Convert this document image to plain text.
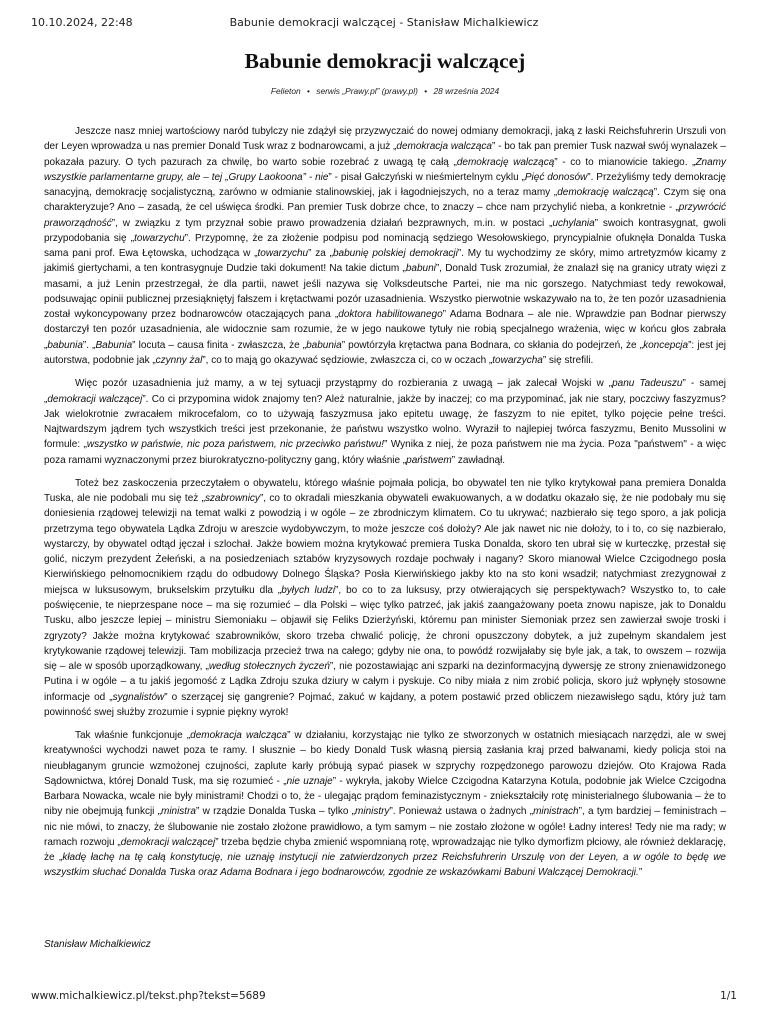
10.10.2024, 22:48	Babunie demokracji walczącej - Stanisław Michalkiewicz
Babunie demokracji walczącej
Felieton • serwis „Prawy.pl” (prawy.pl) • 28 września 2024

Jeszcze nasz mniej wartościowy naród tubylczy nie zdążył się przyzwyczaić do nowej odmiany demokracji, jaką z łaski Reichsfuhrerin Urszuli von der Leyen wprowadza u nas premier Donald Tusk wraz z bodnarowcami, a już „demokracja walcząca” - bo tak pan premier Tusk nazwał swój wynalazek – pokazała pazury. O tych pazurach za chwilę, bo warto sobie rozebrać z uwagą tę całą „demokrację walczącą” - co to mianowicie takiego. „Znamy wszystkie parlamentarne grupy, ale – tej „Grupy Laokoona” - nie” - pisał Gałczyński w nieśmiertelnym cyklu „Pięć donosów”. Przeżyliśmy tedy demokrację sanacyjną, demokrację socjalistyczną, zarówno w odmianie stalinowskiej, jak i łagodniejszych, no a teraz mamy „demokrację walczącą”. Czym się ona charakteryzuje? Ano – zasadą, że cel uświęca środki. Pan premier Tusk dobrze chce, to znaczy – chce nam przychylić nieba, a konkretnie - „przywrócić praworządność”, w związku z tym przyznał sobie prawo prowadzenia działań bezprawnych, m.in. w postaci „uchylania” swoich kontrasygnat, gwoli przypodobania się „towarzychu”. Przypomnę, że za złożenie podpisu pod nominacją sędziego Wesołowskiego, pryncypialnie ofuknęła Donalda Tuska sama pani prof. Ewa Łętowska, uchodząca w „towarzychu” za „babunię polskiej demokracji”. My tu wychodzimy ze skóry, mimo artretyzmów kicamy z jakimiś giertychami, a ten kontrasygnuje Dudzie taki dokument! Na takie dictum „babuni”, Donald Tusk zrozumiał, że znalazł się na granicy utraty więzi z masami, a już Lenin przestrzegał, że dla partii, nawet jeśli nazywa się Volksdeutsche Partei, nie ma nic gorszego. Natychmiast tedy rewokował, podsuwając opinii publicznej przesiąkniętyj fałszem i krętactwami pozór uzasadnienia. Wszystko pierwotnie wskazywało na to, że ten pozór uzasadnienia został wykoncypowany przez bodnarowców otaczających pana „doktora habilitowanego” Adama Bodnara – ale nie. Wprawdzie pan Bodnar pierwszy dostarczył ten pozór uzasadnienia, ale widocznie sam rozumie, że w jego naukowe tytuły nie robią specjalnego wrażenia, więc w końcu głos zabrała „babunia”. „Babunia” locuta – causa finita - zwłaszcza, że „babunia” powtórzyła krętactwa pana Bodnara, co skłania do podejrzeń, że „koncepcja”: jest jej autorstwa, podobnie jak „czynny żal”, co to mają go okazywać sędziowie, zwłaszcza ci, co w oczach „towarzycha” się strefili.

Więc pozór uzasadnienia już mamy, a w tej sytuacji przystąpmy do rozbierania z uwagą – jak zalecał Wojski w „panu Tadeuszu” - samej „demokracji walczącej”. Co ci przypomina widok znajomy ten? Ależ naturalnie, jakże by inaczej; co ma przypominać, jak nie stary, poczciwy faszyzmus? Jak wielokrotnie zwracałem mikrocefalom, co to używają faszyzmusa jako epitetu uwagę, że faszyzm to nie epitet, tylko pojęcie pełne treści. Najtwardszym jądrem tych wszystkich treści jest przekonanie, że państwu wszystko wolno. Wyraził to najlepiej twórca faszyzmu, Benito Mussolini w formule: „wszystko w państwie, nic poza państwem, nic przeciwko państwu!” Wynika z niej, że poza państwem nie ma życia. Poza "państwem" - a więc poza ramami wyznaczonymi przez biurokratyczno-polityczny gang, który właśnie „państwem” zawładnął.

Toteż bez zaskoczenia przeczytałem o obywatelu, którego właśnie pojmała policja, bo obywatel ten nie tylko krytykował pana premiera Donalda Tuska, ale nie podobali mu się też „szabrownicy”, co to okradali mieszkania obywateli ewakuowanych, a w dodatku okazało się, że nie podobały mu się doniesienia rządowej telewizji na temat walki z powodzią i w ogóle – ze zbrodniczym klimatem. Co tu ukrywać; nazbierało się tego sporo, a jak policja przetrzyma tego obywatela Lądka Zdroju w areszcie wydobywczym, to może jeszcze coś dołoży? Ale jak nawet nic nie dołoży, to i to, co się nazbierało, wystarczy, by obywatel odtąd jęczał i szlochał. Jakże bowiem można krytykować premiera Tuska Donalda, skoro ten ubrał się w kurteczkę, przestał się golić, niczym prezydent Żełeński, a na posiedzeniach sztabów kryzysowych rozdaje pochwały i nagany? Skoro mianował Wielce Czcigodnego posła Kierwińskiego pełnomocnikiem rządu do odbudowy Dolnego Śląska? Posła Kierwińskiego jakby kto na sto koni wsadził; natychmiast zrezygnował z miejsca w luksusowym, brukselskim przytułku dla „byłych ludzi”, bo co to za luksusy, przy otwierających się perspektywach? Wszystko to, to całe poświęcenie, te nieprzespane noce – ma się rozumieć – dla Polski – więc tylko patrzeć, jak jakiś zaangażowany poeta znowu napisze, jak to Donaldu Tusku, albo jeszcze lepiej – ministru Siemoniaku – objawił się Feliks Dzierżyński, któremu pan minister Siemoniak przez sen zawierzał swoje troski i zgryzoty? Jakże można krytykować szabrowników, skoro trzeba chwalić policję, że chroni opuszczony dobytek, a już zupełnym skandalem jest krytykowanie rządowej telewizji. Tam mobilizacja przecież trwa na całego; gdyby nie ona, to powódź rozwijałaby się byle jak, a tak, to owszem – rozwija się – ale w sposób uporządkowany, „według stołecznych życzeń”, nie pozostawiając ani szparki na dezinformacyjną dywersję ze strony znienawidzonego Putina i w ogóle – a tu jakiś jegomość z Lądka Zdroju szuka dziury w całym i pyskuje. Co niby miała z nim zrobić policja, skoro już wpłynęły stosowne informacje od „sygnalistów” o szerzącej się gangrenie? Pojmać, zakuć w kajdany, a potem postawić przed obliczem niezawisłego sądu, który już tam powinność swej służby zrozumie i sypnie piękny wyrok!

Tak właśnie funkcjonuje „demokracja walcząca” w działaniu, korzystając nie tylko ze stworzonych w ostatnich miesiącach narzędzi, ale w swej kreatywności wychodzi nawet poza te ramy. I słusznie – bo kiedy Donald Tusk własną piersią zasłania kraj przed bałwanami, kiedy policja stoi na nieubłaganym gruncie wzmożonej czujności, zaplute karły próbują sypać piasek w szprychy rozpędzonego parowozu dziejów. Oto Krajowa Rada Sądownictwa, której Donald Tusk, ma się rozumieć - „nie uznaje” - wykryła, jakoby Wielce Czcigodna Katarzyna Kotula, podobnie jak Wielce Czcigodna Barbara Nowacka, wcale nie były ministrami! Chodzi o to, że - ulegając prądom feminazistycznym - zniekształciły rotę ministerialnego ślubowania – że to niby nie obejmują funkcji „ministra” w rządzie Donalda Tuska – tylko „ministry”. Ponieważ ustawa o żadnych „ministrach”, a tym bardziej – feministrach – nic nie mówi, to znaczy, że ślubowanie nie zostało złożone prawidłowo, a tym samym – nie zostało złożone w ogóle! Ładny interes! Tedy nie ma rady; w ramach rozwoju „demokracji walczącej” trzeba będzie chyba zmienić wspomnianą rotę, wprowadzając nie tylko dymorfizm płciowy, ale również deklarację, że „kładę łachę na tę całą konstytucję, nie uznaję instytucji nie zatwierdzonych przez Reichsfuhrerin Urszulę von der Leyen, a w ogóle to będę we wszystkim słuchać Donalda Tuska oraz Adama Bodnara i jego bodnarowców, zgodnie ze wskazówkami Babuni Walczącej Demokracji.”

Stanisław Michalkiewicz
www.michalkiewicz.pl/tekst.php?tekst=5689	1/1
